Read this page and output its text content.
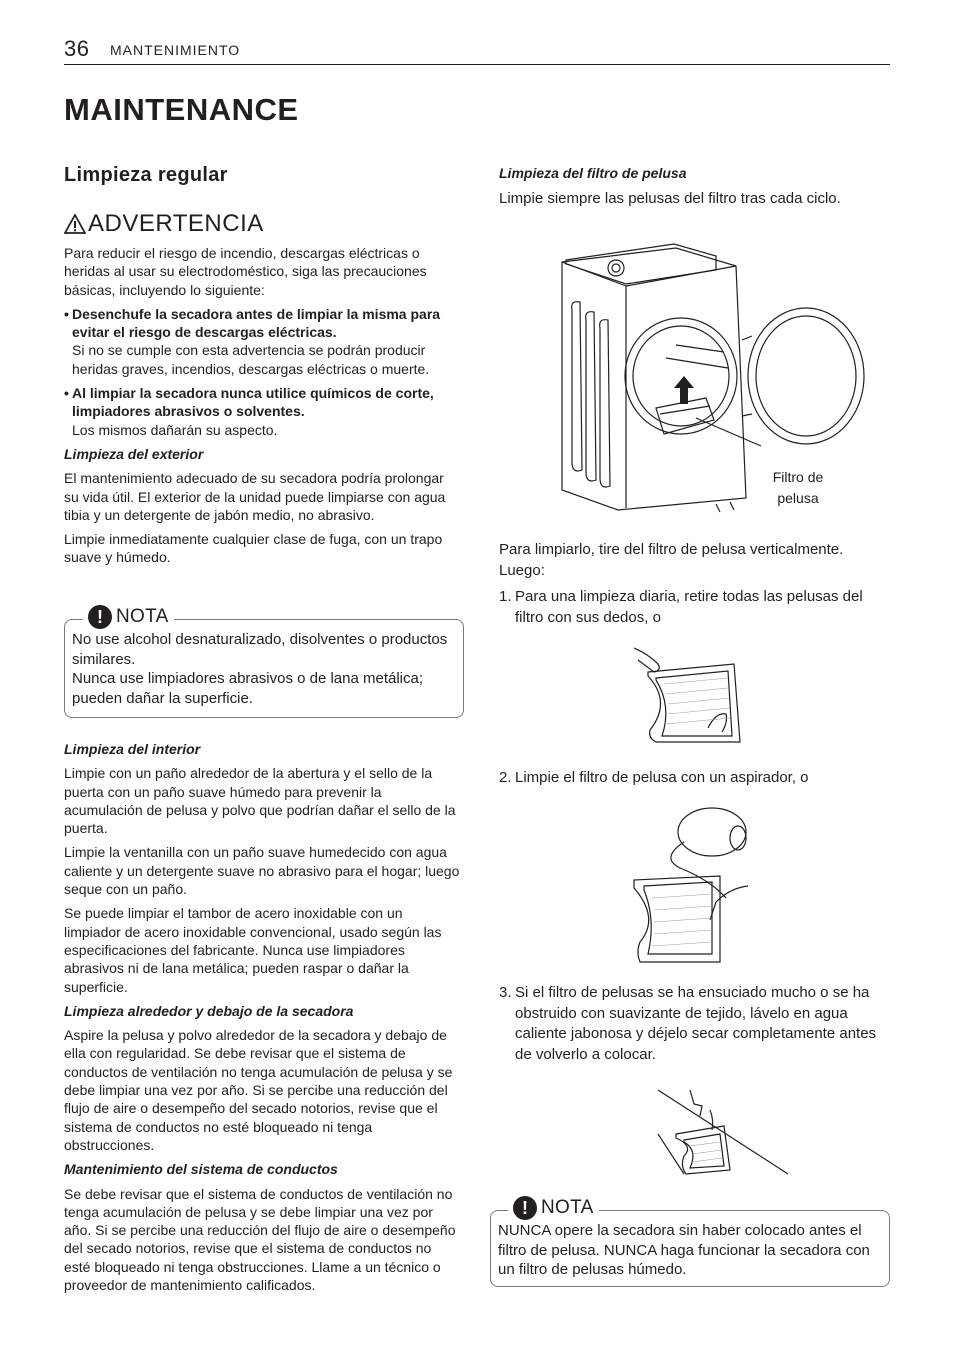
36 MANTENIMIENTO
MAINTENANCE
Limpieza regular
ADVERTENCIA

Para reducir el riesgo de incendio, descargas eléctricas o heridas al usar su electrodoméstico, siga las precauciones básicas, incluyendo lo siguiente:

• Desenchufe la secadora antes de limpiar la misma para evitar el riesgo de descargas eléctricas.

Si no se cumple con esta advertencia se podrán producir heridas graves, incendios, descargas eléctricas o muerte.

• Al limpiar la secadora nunca utilice químicos de corte, limpiadores abrasivos o solventes.

Los mismos dañarán su aspecto.

Limpieza del exterior

El mantenimiento adecuado de su secadora podría prolongar su vida útil. El exterior de la unidad puede limpiarse con agua tibia y un detergente de jabón medio, no abrasivo.

Limpie inmediatamente cualquier clase de fuga, con un trapo suave y húmedo.

! NOTA

No use alcohol desnaturalizado, disolventes o productos similares.

Nunca use limpiadores abrasivos o de lana metálica; pueden dañar la superficie.

Limpieza del interior

Limpie con un paño alrededor de la abertura y el sello de la puerta con un paño suave húmedo para prevenir la acumulación de pelusa y polvo que podrían dañar el sello de la puerta.

Limpie la ventanilla con un paño suave humedecido con agua caliente y un detergente suave no abrasivo para el hogar; luego seque con un paño.

Se puede limpiar el tambor de acero inoxidable con un limpiador de acero inoxidable convencional, usado según las especificaciones del fabricante. Nunca use limpiadores abrasivos ni de lana metálica; pueden raspar o dañar la superficie.

Limpieza alrededor y debajo de la secadora

Aspire la pelusa y polvo alrededor de la secadora y debajo de ella con regularidad. Se debe revisar que el sistema de conductos de ventilación no tenga acumulación de pelusa y se debe limpiar una vez por año. Si se percibe una reducción del flujo de aire o desempeño del secado notorios, revise que el sistema de conductos no esté bloqueado ni tenga obstrucciones.

Mantenimiento del sistema de conductos

Se debe revisar que el sistema de conductos de ventilación no tenga acumulación de pelusa y se debe limpiar una vez por año. Si se percibe una reducción del flujo de aire o desempeño del secado notorios, revise que el sistema de conductos no esté bloqueado ni tenga obstrucciones. Llame a un técnico o proveedor de mantenimiento calificados.

Limpieza del filtro de pelusa

Limpie siempre las pelusas del filtro tras cada ciclo.

Filtro de
pelusa

Para limpiarlo, tire del filtro de pelusa verticalmente. Luego:

1. Para una limpieza diaria, retire todas las pelusas del filtro con sus dedos, o

2. Limpie el filtro de pelusa con un aspirador, o

3. Si el filtro de pelusas se ha ensuciado mucho o se ha obstruido con suavizante de tejido, lávelo en agua caliente jabonosa y déjelo secar completamente antes de volverlo a colocar.

! NOTA

NUNCA opere la secadora sin haber colocado antes el filtro de pelusa. NUNCA haga funcionar la secadora con un filtro de pelusas húmedo.
